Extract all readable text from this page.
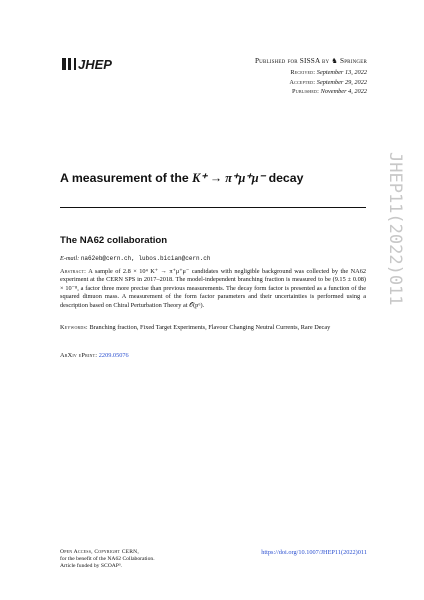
JHEP	Published for SISSA by ♞ Springer
Received: September 13, 2022
Accepted: September 29, 2022
Published: November 4, 2022
A measurement of the K⁺ → π⁺μ⁺μ⁻ decay
The NA62 collaboration
E-mail: na62eb@cern.ch, lubos.bician@cern.ch
Abstract: A sample of 2.8 × 10⁴ K⁺ → π⁺μ⁺μ⁻ candidates with negligible background was collected by the NA62 experiment at the CERN SPS in 2017–2018. The model-independent branching fraction is measured to be (9.15 ± 0.08) × 10⁻⁸, a factor three more precise than previous measurements. The decay form factor is presented as a function of the squared dimuon mass. A measurement of the form factor parameters and their uncertainties is performed using a description based on Chiral Perturbation Theory at 𝒪(p⁶).
Keywords: Branching fraction, Fixed Target Experiments, Flavour Changing Neutral Currents, Rare Decay
ArXiv ePrint: 2209.05076
JHEP11(2022)011
Open Access, Copyright CERN,
for the benefit of the NA62 Collaboration.
Article funded by SCOAP³.
https://doi.org/10.1007/JHEP11(2022)011
